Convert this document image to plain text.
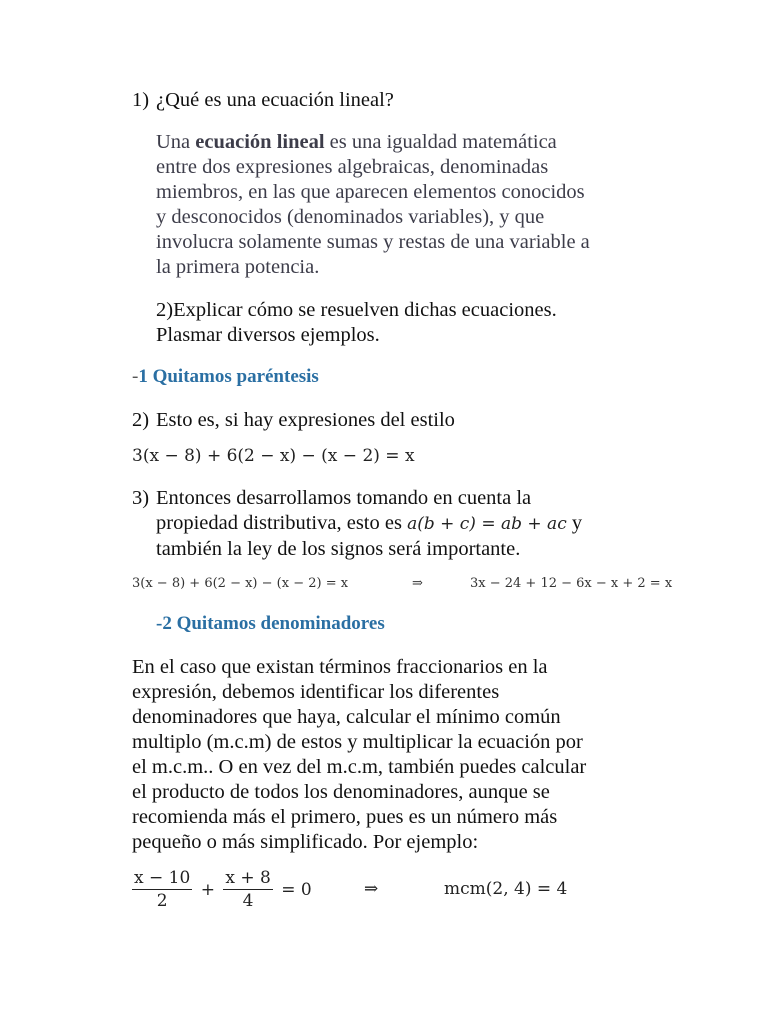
1) ¿Qué es una ecuación lineal?
Una ecuación lineal es una igualdad matemática
entre dos expresiones algebraicas, denominadas
miembros, en las que aparecen elementos conocidos
y desconocidos (denominados variables), y que
involucra solamente sumas y restas de una variable a
la primera potencia.
2)Explicar cómo se resuelven dichas ecuaciones.
Plasmar diversos ejemplos.
-1 Quitamos paréntesis
2) Esto es, si hay expresiones del estilo
3(x − 8) + 6(2 − x) − (x − 2) = x
3) Entonces desarrollamos tomando en cuenta la
propiedad distributiva, esto es a(b + c) = ab + ac y
también la ley de los signos será importante.
3(x − 8) + 6(2 − x) − (x − 2) = x	⇒	3x − 24 + 12 − 6x − x + 2 = x
-2 Quitamos denominadores
En el caso que existan términos fraccionarios en la
expresión, debemos identificar los diferentes
denominadores que haya, calcular el mínimo común
multiplo (m.c.m) de estos y multiplicar la ecuación por
el m.c.m.. O en vez del m.c.m, también puedes calcular
el producto de todos los denominadores, aunque se
recomienda más el primero, pues es un número más
pequeño o más simplificado. Por ejemplo:
$\frac{x - 10}{2} + \frac{x + 8}{4} = 0$	⇒	mcm(2, 4) = 4
